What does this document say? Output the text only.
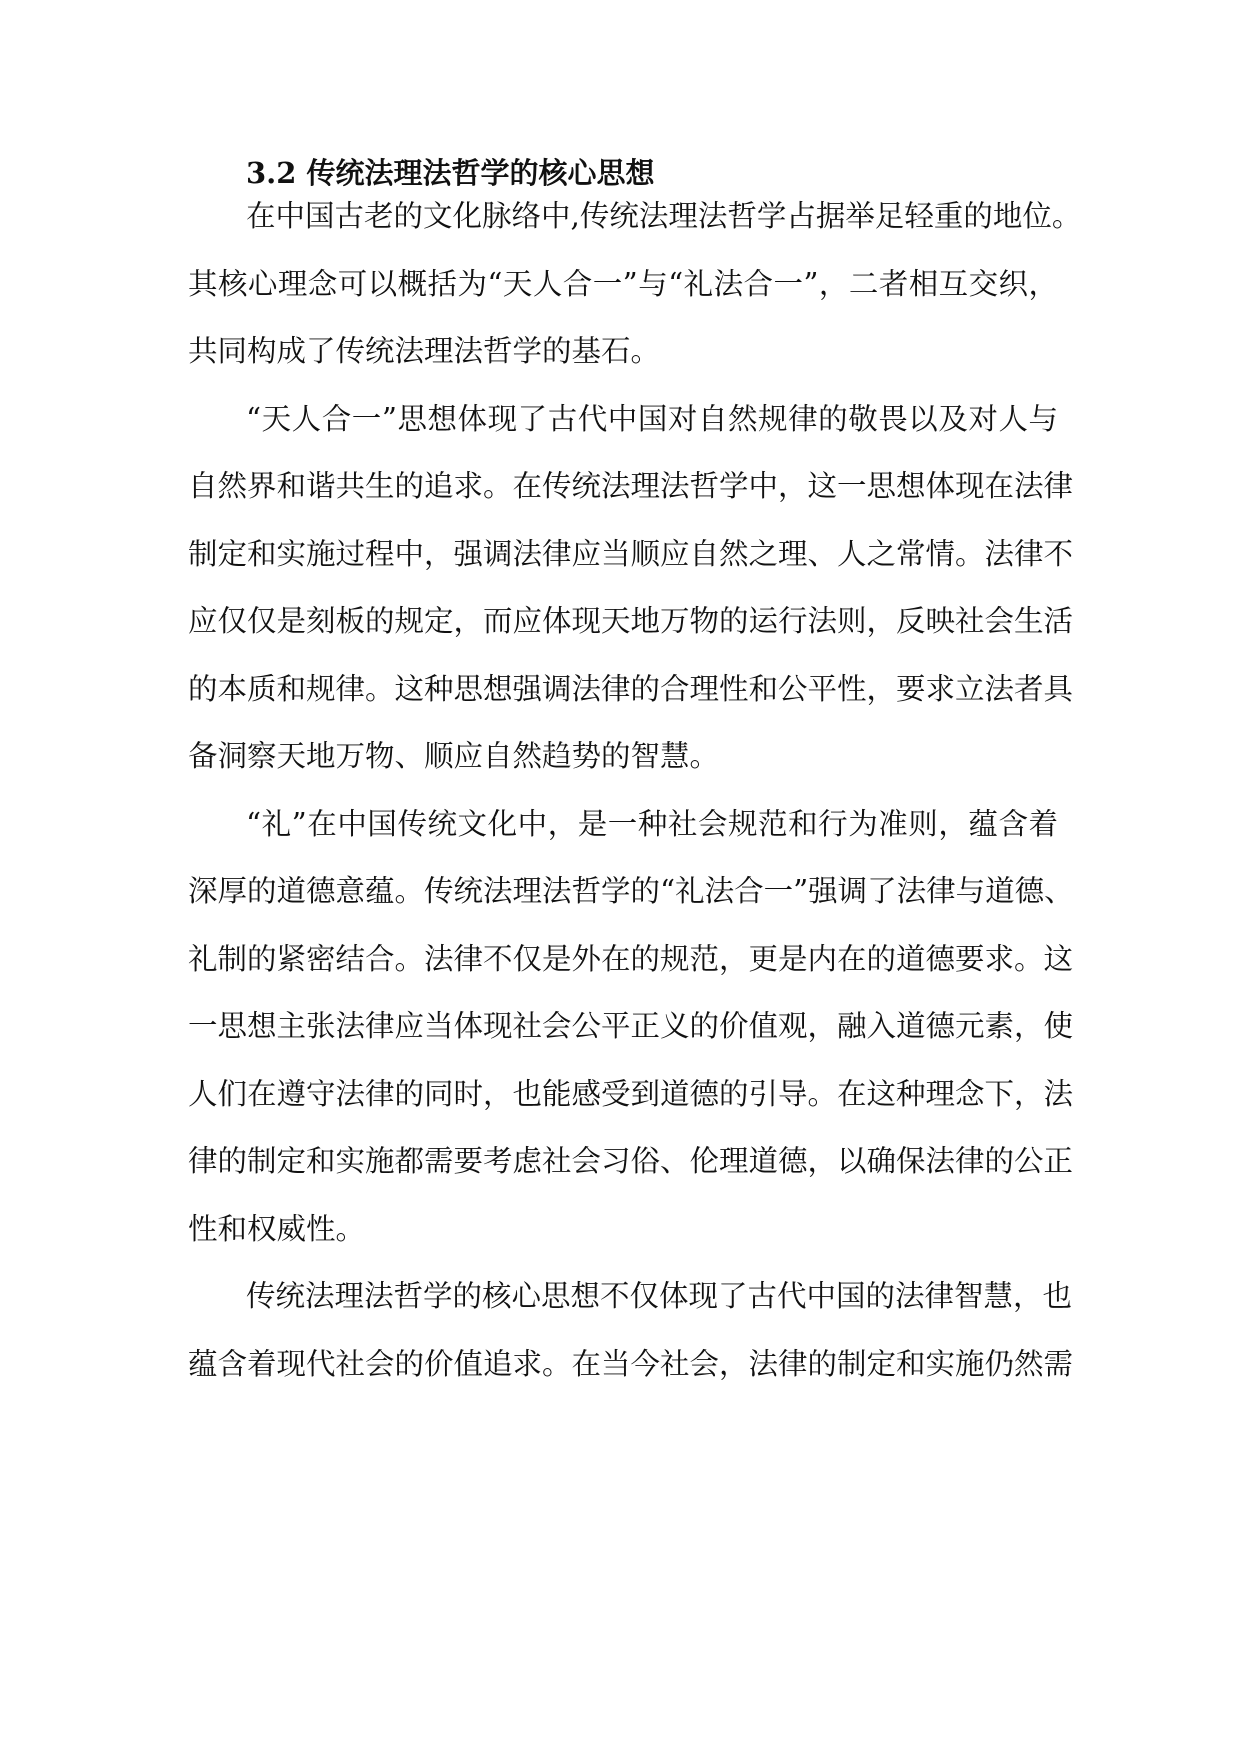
3.2 传统法理法哲学的核心思想
在中国古老的文化脉络中,传统法理法哲学占据举足轻重的地位。
其核心理念可以概括为“天人合一”与“礼法合一”，二者相互交织，
共同构成了传统法理法哲学的基石。
“天人合一”思想体现了古代中国对自然规律的敬畏以及对人与
自然界和谐共生的追求。在传统法理法哲学中，这一思想体现在法律
制定和实施过程中，强调法律应当顺应自然之理、人之常情。法律不
应仅仅是刻板的规定，而应体现天地万物的运行法则，反映社会生活
的本质和规律。这种思想强调法律的合理性和公平性，要求立法者具
备洞察天地万物、顺应自然趋势的智慧。
“礼”在中国传统文化中，是一种社会规范和行为准则，蕴含着
深厚的道德意蕴。传统法理法哲学的“礼法合一”强调了法律与道德、
礼制的紧密结合。法律不仅是外在的规范，更是内在的道德要求。这
一思想主张法律应当体现社会公平正义的价值观，融入道德元素，使
人们在遵守法律的同时，也能感受到道德的引导。在这种理念下，法
律的制定和实施都需要考虑社会习俗、伦理道德，以确保法律的公正
性和权威性。
传统法理法哲学的核心思想不仅体现了古代中国的法律智慧，也
蕴含着现代社会的价值追求。在当今社会，法律的制定和实施仍然需
